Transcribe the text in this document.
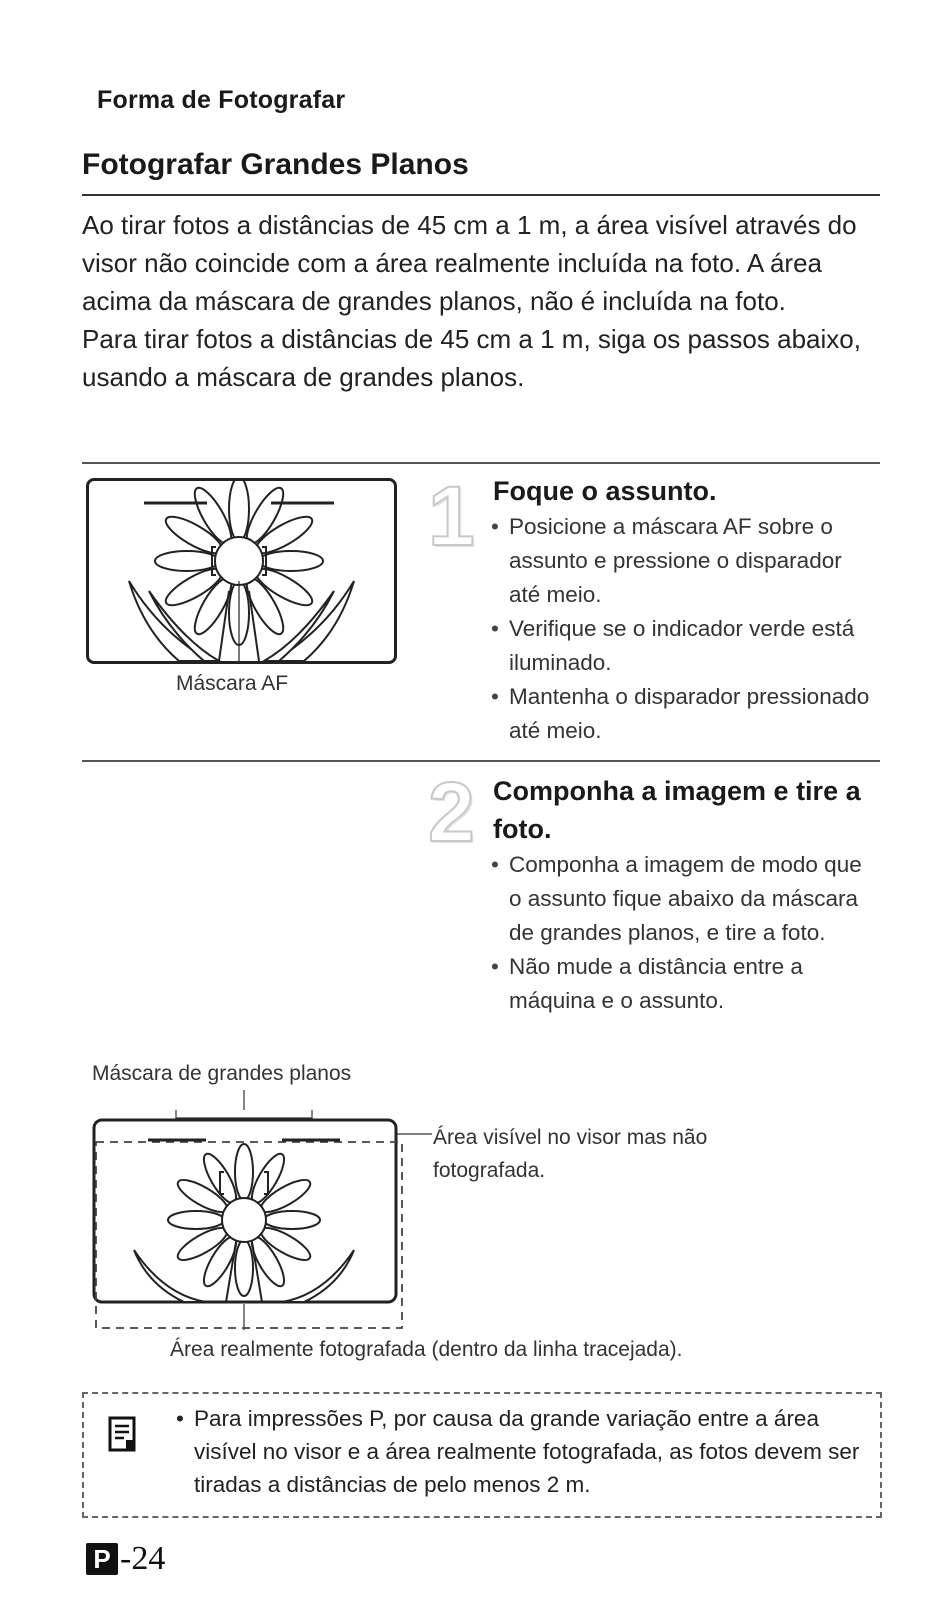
Forma de Fotografar
Fotografar Grandes Planos

Ao tirar fotos a distâncias de 45 cm a 1 m, a área visível através do visor não coincide com a área realmente incluída na foto. A área acima da máscara de grandes planos, não é incluída na foto.

Para tirar fotos a distâncias de 45 cm a 1 m, siga os passos abaixo, usando a máscara de grandes planos.

Máscara AF
1 Foque o assunto.
• Posicione a máscara AF sobre o assunto e pressione o disparador até meio.
• Verifique se o indicador verde está iluminado.
• Mantenha o disparador pressionado até meio.
2 Componha a imagem e tire a foto.
• Componha a imagem de modo que o assunto fique abaixo da máscara de grandes planos, e tire a foto.
• Não mude a distância entre a máquina e o assunto.
Máscara de grandes planos
Área visível no visor mas não fotografada.
Área realmente fotografada (dentro da linha tracejada).
• Para impressões P, por causa da grande variação entre a área visível no visor e a área realmente fotografada, as fotos devem ser tiradas a distâncias de pelo menos 2 m.
P -24
